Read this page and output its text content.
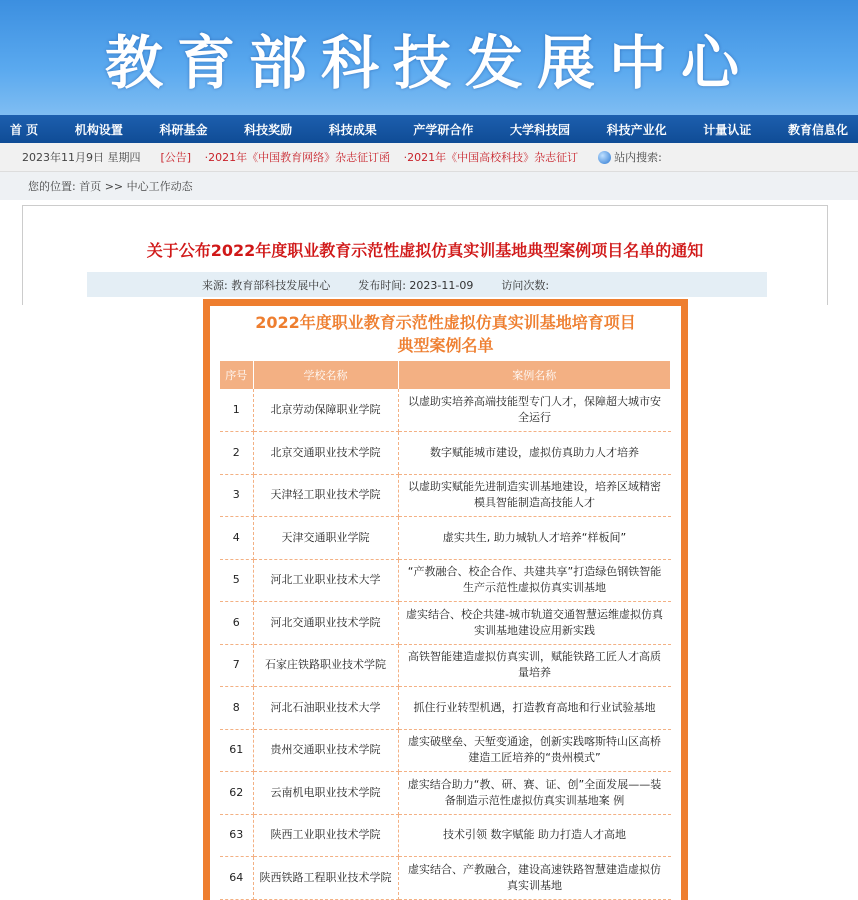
教育部科技发展中心
首 页	机构设置	科研基金	科技奖励	科技成果	产学研合作	大学科技园	科技产业化	计量认证	教育信息化
2023年11月9日 星期四 [公告] ·2021年《中国教育网络》杂志征订函 ·2021年《中国高校科技》杂志征订	站内搜索:
您的位置: 首页 >> 中心工作动态
关于公布2022年度职业教育示范性虚拟仿真实训基地典型案例项目名单的通知
来源: 教育部科技发展中心	发布时间: 2023-11-09	访问次数:
2022年度职业教育示范性虚拟仿真实训基地培育项目
典型案例名单
序号	学校名称	案例名称
1	北京劳动保障职业学院	以虚助实培养高端技能型专门人才，保障超大城市安全运行
2	北京交通职业技术学院	数字赋能城市建设，虚拟仿真助力人才培养
3	天津轻工职业技术学院	以虚助实赋能先进制造实训基地建设，培养区域精密模具智能制造高技能人才
4	天津交通职业学院	虚实共生, 助力城轨人才培养“样板间”
5	河北工业职业技术大学	“产教融合、校企合作、共建共享”打造绿色钢铁智能生产示范性虚拟仿真实训基地
6	河北交通职业技术学院	虚实结合、校企共建-城市轨道交通智慧运维虚拟仿真实训基地建设应用新实践
7	石家庄铁路职业技术学院	高铁智能建造虚拟仿真实训，赋能铁路工匠人才高质量培养
8	河北石油职业技术大学	抓住行业转型机遇，打造教育高地和行业试验基地
61	贵州交通职业技术学院	虚实破壁垒、天堑变通途，创新实践喀斯特山区高桥建造工匠培养的“贵州模式”
62	云南机电职业技术学院	虚实结合助力“教、研、赛、证、创”全面发展——装备制造示范性虚拟仿真实训基地案 例
63	陕西工业职业技术学院	技术引领 数字赋能 助力打造人才高地
64	陕西铁路工程职业技术学院	虚实结合、产教融合，建设高速铁路智慧建造虚拟仿真实训基地
